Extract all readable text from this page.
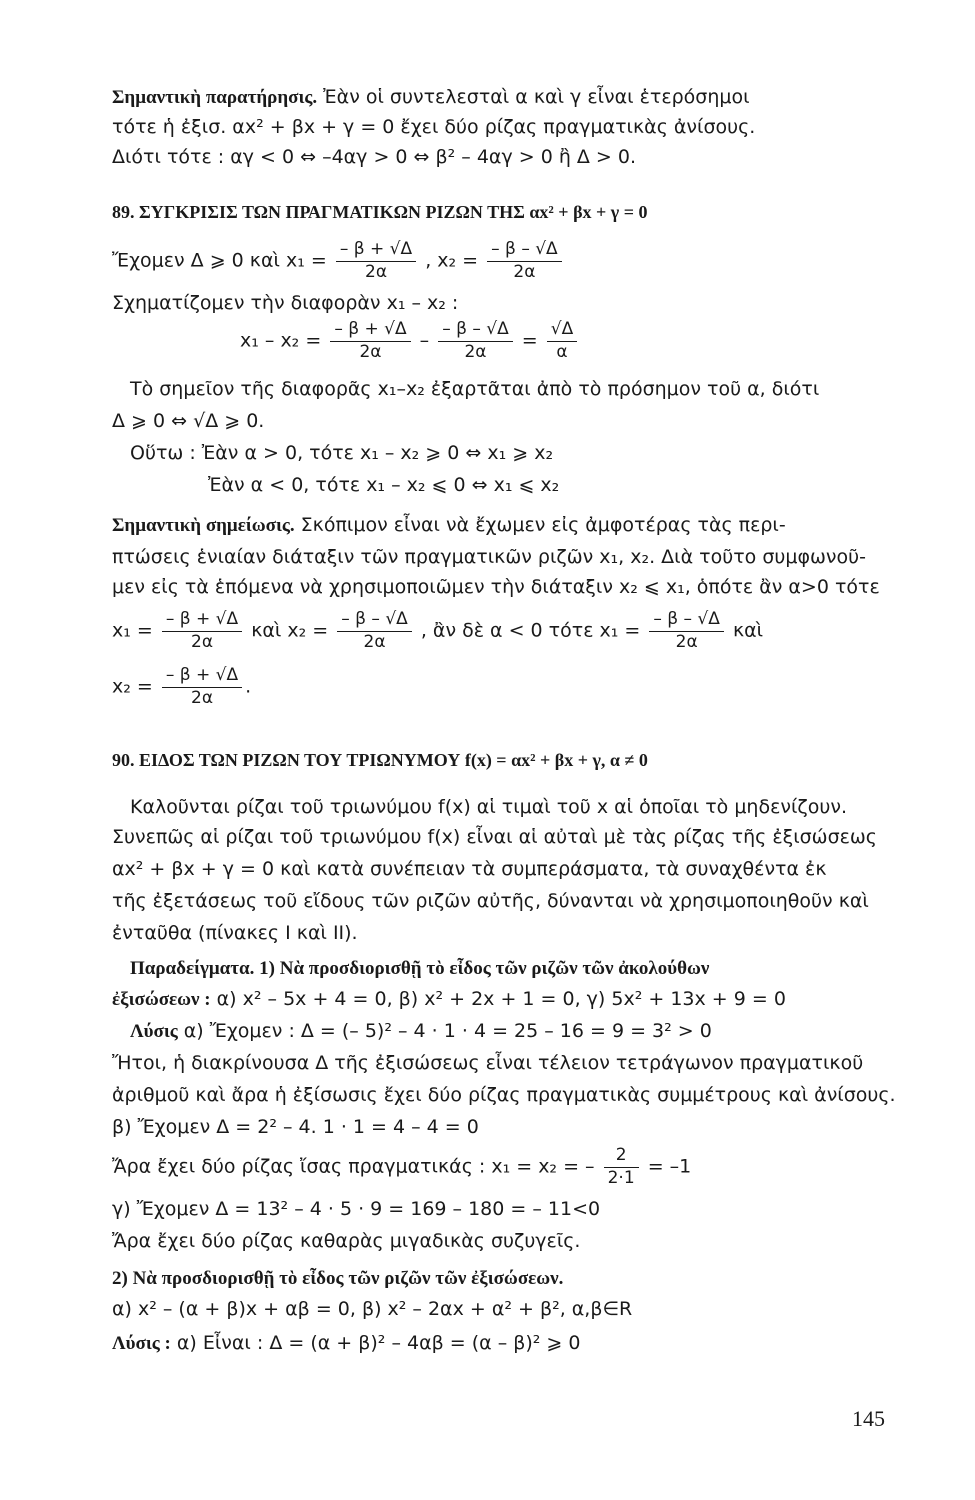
Σημαντικὴ παρατήρησις. Ἐὰν οἱ συντελεσταὶ α καὶ γ εἶναι ἑτερόσημοι
τότε ἡ ἐξισ. αx² + βx + γ = 0 ἔχει δύο ρίζας πραγματικὰς ἀνίσους.
Διότι τότε : αγ < 0 ⇔ –4αγ > 0 ⇔ β² – 4αγ > 0 ἢ Δ > 0.
89. ΣΥΓΚΡΙΣΙΣ ΤΩΝ ΠΡΑΓΜΑΤΙΚΩΝ ΡΙΖΩΝ ΤΗΣ αx² + βx + γ = 0
Ἔχομεν Δ ⩾ 0 καὶ $x_1 = \frac{- \beta + √\Delta}{2\alpha}$ , $x_2 = \frac{- \beta - √\Delta}{2\alpha}$
Σχηματίζομεν τὴν διαφορὰν x₁ – x₂ :
$x_1 - x_2 = \frac{- \beta + √\Delta}{2\alpha} - \frac{- \beta - √\Delta}{2\alpha} = \frac{√\Delta}{\alpha}$
Τὸ σημεῖον τῆς διαφορᾶς x₁–x₂ ἐξαρτᾶται ἀπὸ τὸ πρόσημον τοῦ α, διότι
Δ ⩾ 0 ⇔ √Δ ⩾ 0.
Οὕτω : Ἐὰν α > 0, τότε x₁ – x₂ ⩾ 0 ⇔ x₁ ⩾ x₂
Ἐὰν α < 0, τότε x₁ – x₂ ⩽ 0 ⇔ x₁ ⩽ x₂
Σημαντικὴ σημείωσις. Σκόπιμον εἶναι νὰ ἔχωμεν εἰς ἀμφοτέρας τὰς περι-
πτώσεις ἑνιαίαν διάταξιν τῶν πραγματικῶν ριζῶν x₁, x₂. Διὰ τοῦτο συμφωνοῦ-
μεν εἰς τὰ ἑπόμενα νὰ χρησιμοποιῶμεν τὴν διάταξιν x₂ ⩽ x₁, ὁπότε ἂν α>0 τότε
$x_1 = \frac{- \beta + √\Delta}{2\alpha}$ καὶ $x_2 = \frac{- \beta - √\Delta}{2\alpha}$ , ἂν δὲ α < 0 τότε $x_1 = \frac{- \beta - √\Delta}{2\alpha}$ καὶ
$x_2 = \frac{- \beta + √\Delta}{2\alpha}$ .
90. ΕΙΔΟΣ ΤΩΝ ΡΙΖΩΝ ΤΟΥ ΤΡΙΩΝΥΜΟΥ f(x) = αx² + βx + γ, α ≠ 0
Καλοῦνται ρίζαι τοῦ τριωνύμου f(x) αἱ τιμαὶ τοῦ x αἱ ὁποῖαι τὸ μηδενίζουν.
Συνεπῶς αἱ ρίζαι τοῦ τριωνύμου f(x) εἶναι αἱ αὐταὶ μὲ τὰς ρίζας τῆς ἐξισώσεως
αx² + βx + γ = 0 καὶ κατὰ συνέπειαν τὰ συμπεράσματα, τὰ συναχθέντα ἐκ
τῆς ἐξετάσεως τοῦ εἴδους τῶν ριζῶν αὐτῆς, δύνανται νὰ χρησιμοποιηθοῦν καὶ
ἐνταῦθα (πίνακες I καὶ II).
Παραδείγματα. 1) Νὰ προσδιορισθῇ τὸ εἶδος τῶν ριζῶν τῶν ἀκολούθων
ἐξισώσεων : α) x² – 5x + 4 = 0, β) x² + 2x + 1 = 0, γ) 5x² + 13x + 9 = 0
Λύσις α) Ἔχομεν : Δ = (– 5)² – 4 · 1 · 4 = 25 – 16 = 9 = 3² > 0
Ἤτοι, ἡ διακρίνουσα Δ τῆς ἐξισώσεως εἶναι τέλειον τετράγωνον πραγματικοῦ
ἀριθμοῦ καὶ ἄρα ἡ ἐξίσωσις ἔχει δύο ρίζας πραγματικὰς συμμέτρους καὶ ἀνίσους.
β) Ἔχομεν Δ = 2² – 4. 1 · 1 = 4 – 4 = 0
Ἄρα ἔχει δύο ρίζας ἴσας πραγματικάς : x₁ = x₂ = – $\frac{2}{2\cdot 1} = -1$
γ) Ἔχομεν Δ = 13² – 4 · 5 · 9 = 169 – 180 = – 11<0
Ἄρα ἔχει δύο ρίζας καθαρὰς μιγαδικὰς συζυγεῖς.
2) Νὰ προσδιορισθῇ τὸ εἶδος τῶν ριζῶν τῶν ἐξισώσεων.
α) x² – (α + β)x + αβ = 0, β) x² – 2αx + α² + β², α,β∈R
Λύσις : α) Εἶναι : Δ = (α + β)² – 4αβ = (α – β)² ⩾ 0
145
